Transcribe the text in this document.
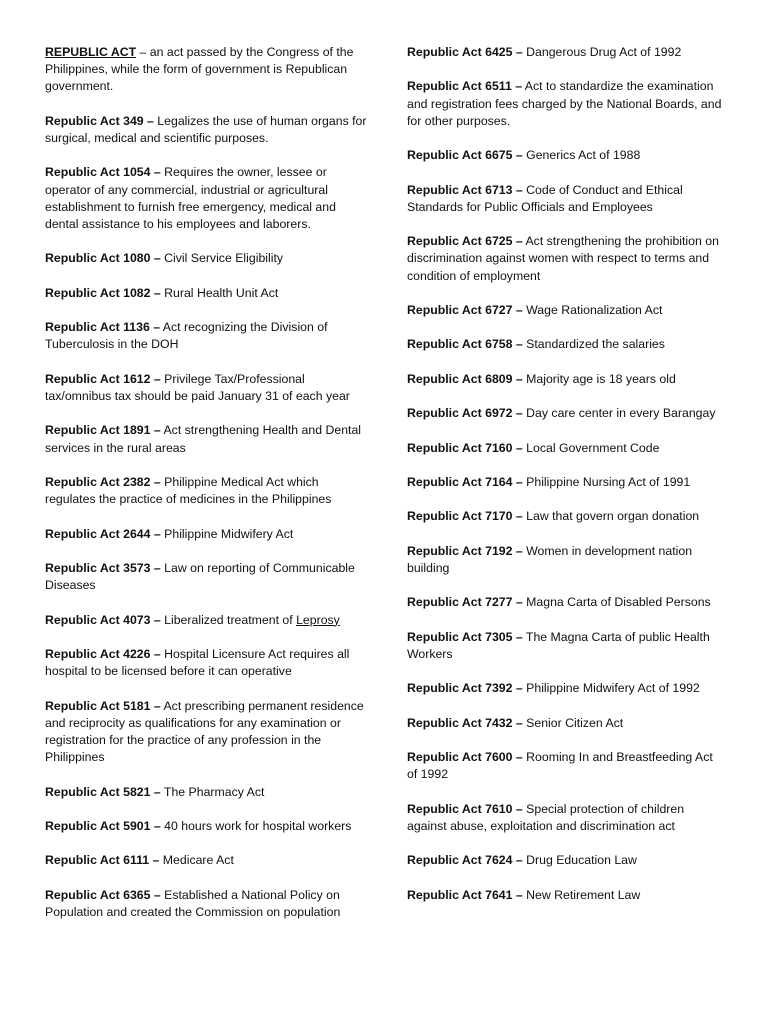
REPUBLIC ACT – an act passed by the Congress of the Philippines, while the form of government is Republican government.

Republic Act 349 – Legalizes the use of human organs for surgical, medical and scientific purposes.

Republic Act 1054 – Requires the owner, lessee or operator of any commercial, industrial or agricultural establishment to furnish free emergency, medical and dental assistance to his employees and laborers.

Republic Act 1080 – Civil Service Eligibility

Republic Act 1082 – Rural Health Unit Act

Republic Act 1136 – Act recognizing the Division of Tuberculosis in the DOH

Republic Act 1612 – Privilege Tax/Professional tax/omnibus tax should be paid January 31 of each year

Republic Act 1891 – Act strengthening Health and Dental services in the rural areas

Republic Act 2382 – Philippine Medical Act which regulates the practice of medicines in the Philippines

Republic Act 2644 – Philippine Midwifery Act

Republic Act 3573 – Law on reporting of Communicable Diseases

Republic Act 4073 – Liberalized treatment of Leprosy

Republic Act 4226 – Hospital Licensure Act requires all hospital to be licensed before it can operative

Republic Act 5181 – Act prescribing permanent residence and reciprocity as qualifications for any examination or registration for the practice of any profession in the Philippines

Republic Act 5821 – The Pharmacy Act

Republic Act 5901 – 40 hours work for hospital workers

Republic Act 6111 – Medicare Act

Republic Act 6365 – Established a National Policy on Population and created the Commission on population

Republic Act 6425 – Dangerous Drug Act of 1992

Republic Act 6511 – Act to standardize the examination and registration fees charged by the National Boards, and for other purposes.

Republic Act 6675 – Generics Act of 1988

Republic Act 6713 – Code of Conduct and Ethical Standards for Public Officials and Employees

Republic Act 6725 – Act strengthening the prohibition on discrimination against women with respect to terms and condition of employment

Republic Act 6727 – Wage Rationalization Act

Republic Act 6758 – Standardized the salaries

Republic Act 6809 – Majority age is 18 years old

Republic Act 6972 – Day care center in every Barangay

Republic Act 7160 – Local Government Code

Republic Act 7164 – Philippine Nursing Act of 1991

Republic Act 7170 – Law that govern organ donation

Republic Act 7192 – Women in development nation building

Republic Act 7277 – Magna Carta of Disabled Persons

Republic Act 7305 – The Magna Carta of public Health Workers

Republic Act 7392 – Philippine Midwifery Act of 1992

Republic Act 7432 – Senior Citizen Act

Republic Act 7600 – Rooming In and Breastfeeding Act of 1992

Republic Act 7610 – Special protection of children against abuse, exploitation and discrimination act

Republic Act 7624 – Drug Education Law

Republic Act 7641 – New Retirement Law
